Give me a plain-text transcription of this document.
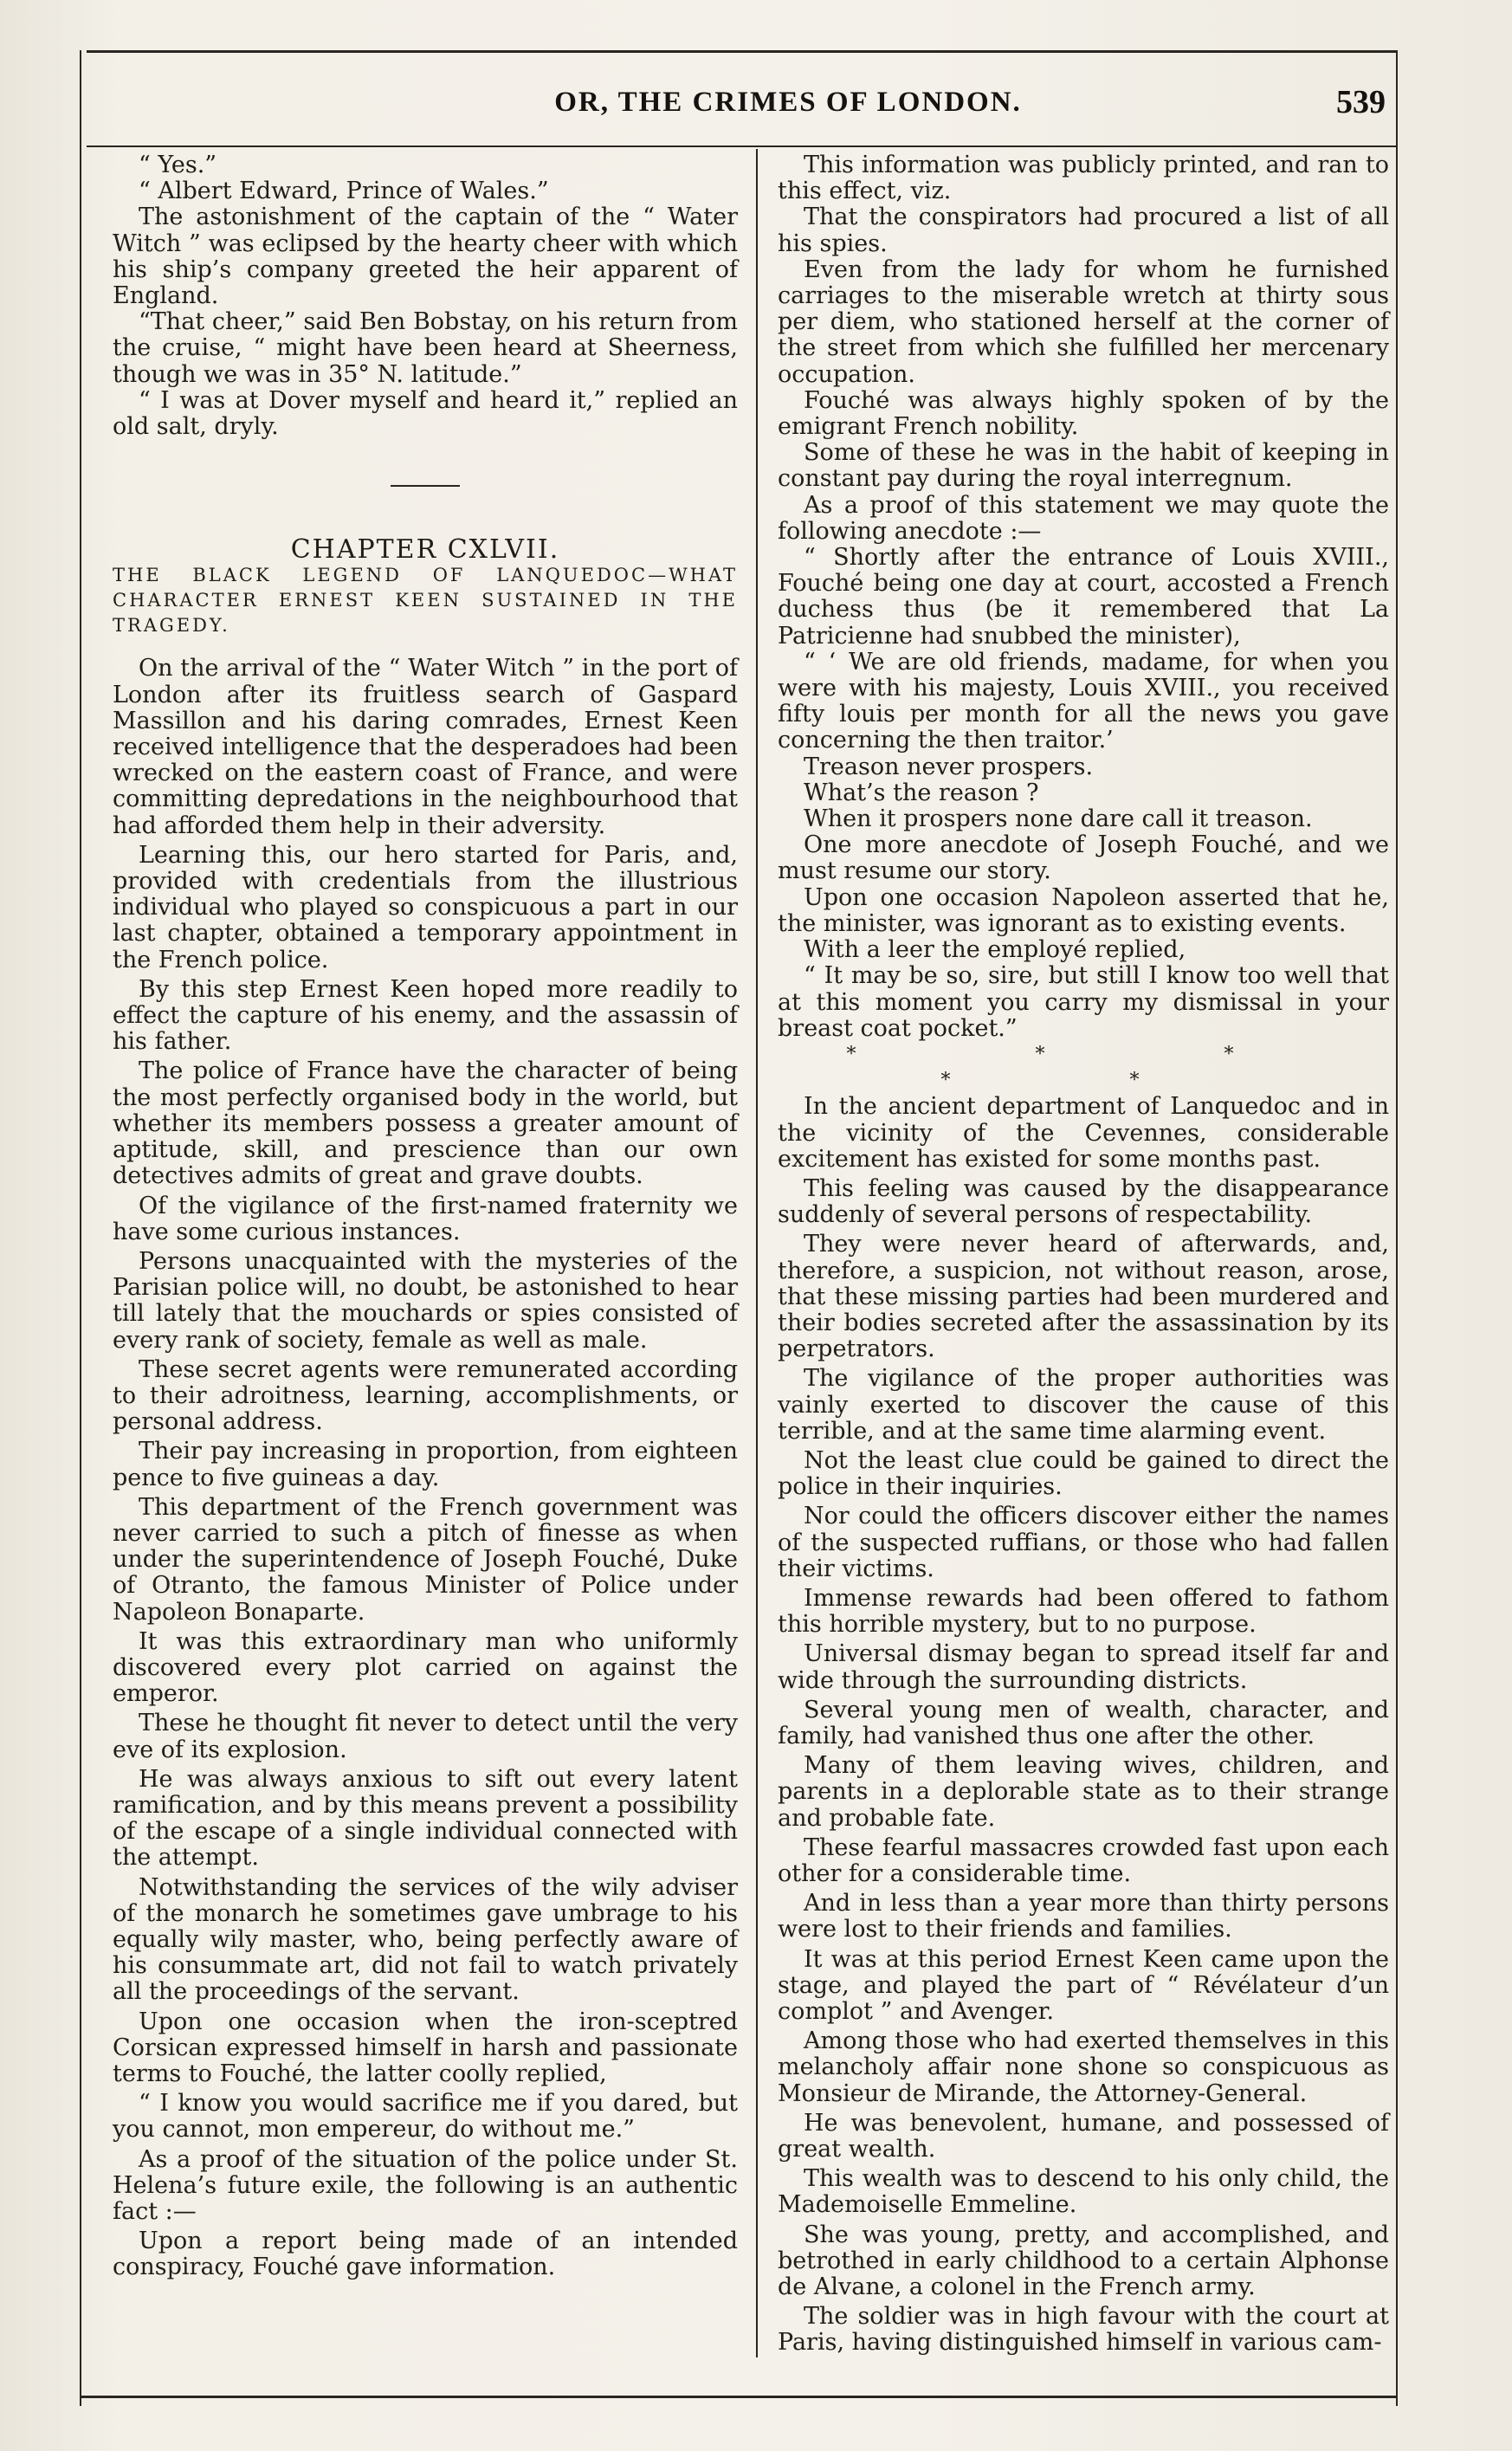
OR, THE CRIMES OF LONDON.	539

“ Yes.”

“ Albert Edward, Prince of Wales.”

The astonishment of the captain of the “ Water Witch ” was eclipsed by the hearty cheer with which his ship’s company greeted the heir apparent of England.

“That cheer,” said Ben Bobstay, on his return from the cruise, “ might have been heard at Sheerness, though we was in 35° N. latitude.”

“ I was at Dover myself and heard it,” replied an old salt, dryly.

CHAPTER CXLVII.

THE BLACK LEGEND OF LANQUEDOC—WHAT CHARACTER ERNEST KEEN SUSTAINED IN THE TRAGEDY.

On the arrival of the “ Water Witch ” in the port of London after its fruitless search of Gaspard Massillon and his daring comrades, Ernest Keen received intelligence that the desperadoes had been wrecked on the eastern coast of France, and were committing depredations in the neighbourhood that had afforded them help in their adversity.

Learning this, our hero started for Paris, and, provided with credentials from the illustrious individual who played so conspicuous a part in our last chapter, obtained a temporary appointment in the French police.

By this step Ernest Keen hoped more readily to effect the capture of his enemy, and the assassin of his father.

The police of France have the character of being the most perfectly organised body in the world, but whether its members possess a greater amount of aptitude, skill, and prescience than our own detectives admits of great and grave doubts.

Of the vigilance of the first-named fraternity we have some curious instances.

Persons unacquainted with the mysteries of the Parisian police will, no doubt, be astonished to hear till lately that the mouchards or spies consisted of every rank of society, female as well as male.

These secret agents were remunerated according to their adroitness, learning, accomplishments, or personal address.

Their pay increasing in proportion, from eighteen pence to five guineas a day.

This department of the French government was never carried to such a pitch of finesse as when under the superintendence of Joseph Fouché, Duke of Otranto, the famous Minister of Police under Napoleon Bonaparte.

It was this extraordinary man who uniformly discovered every plot carried on against the emperor.

These he thought fit never to detect until the very eve of its explosion.

He was always anxious to sift out every latent ramification, and by this means prevent a possibility of the escape of a single individual connected with the attempt.

Notwithstanding the services of the wily adviser of the monarch he sometimes gave umbrage to his equally wily master, who, being perfectly aware of his consummate art, did not fail to watch privately all the proceedings of the servant.

Upon one occasion when the iron-sceptred Corsican expressed himself in harsh and passionate terms to Fouché, the latter coolly replied,

“ I know you would sacrifice me if you dared, but you cannot, mon empereur, do without me.”

As a proof of the situation of the police under St. Helena’s future exile, the following is an authentic fact :—

Upon a report being made of an intended conspiracy, Fouché gave information.

This information was publicly printed, and ran to this effect, viz.

That the conspirators had procured a list of all his spies.

Even from the lady for whom he furnished carriages to the miserable wretch at thirty sous per diem, who stationed herself at the corner of the street from which she fulfilled her mercenary occupation.

Fouché was always highly spoken of by the emigrant French nobility.

Some of these he was in the habit of keeping in constant pay during the royal interregnum.

As a proof of this statement we may quote the following anecdote :—

“ Shortly after the entrance of Louis XVIII., Fouché being one day at court, accosted a French duchess thus (be it remembered that La Patricienne had snubbed the minister),

“ ‘ We are old friends, madame, for when you were with his majesty, Louis XVIII., you received fifty louis per month for all the news you gave concerning the then traitor.’

Treason never prospers.

What’s the reason ?

When it prospers none dare call it treason.

One more anecdote of Joseph Fouché, and we must resume our story.

Upon one occasion Napoleon asserted that he, the minister, was ignorant as to existing events.

With a leer the employé replied,

“ It may be so, sire, but still I know too well that at this moment you carry my dismissal in your breast coat pocket.”

* * * * *

In the ancient department of Lanquedoc and in the vicinity of the Cevennes, considerable excitement has existed for some months past.

This feeling was caused by the disappearance suddenly of several persons of respectability.

They were never heard of afterwards, and, therefore, a suspicion, not without reason, arose, that these missing parties had been murdered and their bodies secreted after the assassination by its perpetrators.

The vigilance of the proper authorities was vainly exerted to discover the cause of this terrible, and at the same time alarming event.

Not the least clue could be gained to direct the police in their inquiries.

Nor could the officers discover either the names of the suspected ruffians, or those who had fallen their victims.

Immense rewards had been offered to fathom this horrible mystery, but to no purpose.

Universal dismay began to spread itself far and wide through the surrounding districts.

Several young men of wealth, character, and family, had vanished thus one after the other.

Many of them leaving wives, children, and parents in a deplorable state as to their strange and probable fate.

These fearful massacres crowded fast upon each other for a considerable time.

And in less than a year more than thirty persons were lost to their friends and families.

It was at this period Ernest Keen came upon the stage, and played the part of “ Révélateur d’un complot ” and Avenger.

Among those who had exerted themselves in this melancholy affair none shone so conspicuous as Monsieur de Mirande, the Attorney-General.

He was benevolent, humane, and possessed of great wealth.

This wealth was to descend to his only child, the Mademoiselle Emmeline.

She was young, pretty, and accomplished, and betrothed in early childhood to a certain Alphonse de Alvane, a colonel in the French army.

The soldier was in high favour with the court at Paris, having distinguished himself in various cam-
